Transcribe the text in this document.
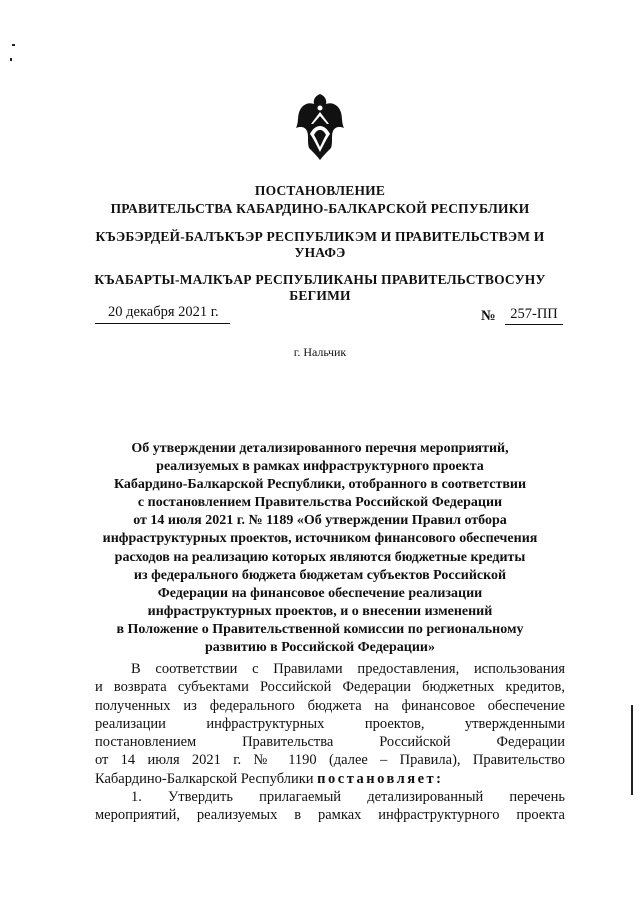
ПОСТАНОВЛЕНИЕ
ПРАВИТЕЛЬСТВА КАБАРДИНО-БАЛКАРСКОЙ РЕСПУБЛИКИ
КЪЭБЭРДЕЙ-БАЛЪКЪЭР РЕСПУБЛИКЭМ И ПРАВИТЕЛЬСТВЭМ И
УНАФЭ
КЪАБАРТЫ-МАЛКЪАР РЕСПУБЛИКАНЫ ПРАВИТЕЛЬСТВОСУНУ
БЕГИМИ
20 декабря 2021 г.	№	257-ПП
г. Нальчик
Об утверждении детализированного перечня мероприятий,
реализуемых в рамках инфраструктурного проекта
Кабардино-Балкарской Республики, отобранного в соответствии
с постановлением Правительства Российской Федерации
от 14 июля 2021 г. № 1189 «Об утверждении Правил отбора
инфраструктурных проектов, источником финансового обеспечения
расходов на реализацию которых являются бюджетные кредиты
из федерального бюджета бюджетам субъектов Российской
Федерации на финансовое обеспечение реализации
инфраструктурных проектов, и о внесении изменений
в Положение о Правительственной комиссии по региональному
развитию в Российской Федерации»
В соответствии с Правилами предоставления, использования
и возврата субъектами Российской Федерации бюджетных кредитов,
полученных из федерального бюджета на финансовое обеспечение
реализации инфраструктурных проектов, утвержденными
постановлением Правительства Российской Федерации
от 14 июля 2021 г. № 1190 (далее – Правила), Правительство
Кабардино-Балкарской Республики постановляет:
1. Утвердить прилагаемый детализированный перечень
мероприятий, реализуемых в рамках инфраструктурного проекта
